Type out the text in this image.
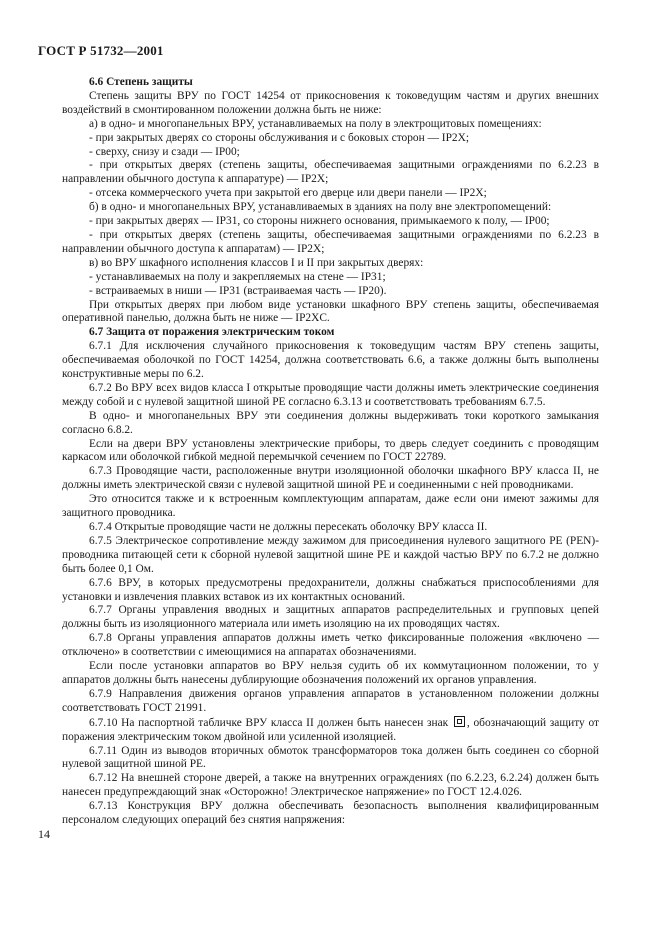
ГОСТ Р 51732—2001
6.6 Степень защиты
Степень защиты ВРУ по ГОСТ 14254 от прикосновения к токоведущим частям и других внешних воздействий в смонтированном положении должна быть не ниже:
а) в одно- и многопанельных ВРУ, устанавливаемых на полу в электрощитовых помещениях:
- при закрытых дверях со стороны обслуживания и с боковых сторон — IP2X;
- сверху, снизу и сзади — IP00;
- при открытых дверях (степень защиты, обеспечиваемая защитными ограждениями по 6.2.23 в направлении обычного доступа к аппаратуре) — IP2X;
- отсека коммерческого учета при закрытой его дверце или двери панели — IP2X;
б) в одно- и многопанельных ВРУ, устанавливаемых в зданиях на полу вне электропомещений:
- при закрытых дверях — IP31, со стороны нижнего основания, примыкаемого к полу, — IP00;
- при открытых дверях (степень защиты, обеспечиваемая защитными ограждениями по 6.2.23 в направлении обычного доступа к аппаратам) — IP2X;
в) во ВРУ шкафного исполнения классов I и II при закрытых дверях:
- устанавливаемых на полу и закрепляемых на стене — IP31;
- встраиваемых в ниши — IP31 (встраиваемая часть — IP20).
При открытых дверях при любом виде установки шкафного ВРУ степень защиты, обеспечиваемая оперативной панелью, должна быть не ниже — IP2XC.
6.7 Защита от поражения электрическим током
6.7.1 Для исключения случайного прикосновения к токоведущим частям ВРУ степень защиты, обеспечиваемая оболочкой по ГОСТ 14254, должна соответствовать 6.6, а также должны быть выполнены конструктивные меры по 6.2.
6.7.2 Во ВРУ всех видов класса I открытые проводящие части должны иметь электрические соединения между собой и с нулевой защитной шиной PE согласно 6.3.13 и соответствовать требованиям 6.7.5.
В одно- и многопанельных ВРУ эти соединения должны выдерживать токи короткого замыкания согласно 6.8.2.
Если на двери ВРУ установлены электрические приборы, то дверь следует соединить с проводящим каркасом или оболочкой гибкой медной перемычкой сечением по ГОСТ 22789.
6.7.3 Проводящие части, расположенные внутри изоляционной оболочки шкафного ВРУ класса II, не должны иметь электрической связи с нулевой защитной шиной PE и соединенными с ней проводниками.
Это относится также и к встроенным комплектующим аппаратам, даже если они имеют зажимы для защитного проводника.
6.7.4 Открытые проводящие части не должны пересекать оболочку ВРУ класса II.
6.7.5 Электрическое сопротивление между зажимом для присоединения нулевого защитного PE (PEN)-проводника питающей сети к сборной нулевой защитной шине PE и каждой частью ВРУ по 6.7.2 не должно быть более 0,1 Ом.
6.7.6 ВРУ, в которых предусмотрены предохранители, должны снабжаться приспособлениями для установки и извлечения плавких вставок из их контактных оснований.
6.7.7 Органы управления вводных и защитных аппаратов распределительных и групповых цепей должны быть из изоляционного материала или иметь изоляцию на их проводящих частях.
6.7.8 Органы управления аппаратов должны иметь четко фиксированные положения «включено — отключено» в соответствии с имеющимися на аппаратах обозначениями.
Если после установки аппаратов во ВРУ нельзя судить об их коммутационном положении, то у аппаратов должны быть нанесены дублирующие обозначения положений их органов управления.
6.7.9 Направления движения органов управления аппаратов в установленном положении должны соответствовать ГОСТ 21991.
6.7.10 На паспортной табличке ВРУ класса II должен быть нанесен знак , обозначающий защиту от поражения электрическим током двойной или усиленной изоляцией.
6.7.11 Один из выводов вторичных обмоток трансформаторов тока должен быть соединен со сборной нулевой защитной шиной PE.
6.7.12 На внешней стороне дверей, а также на внутренних ограждениях (по 6.2.23, 6.2.24) должен быть нанесен предупреждающий знак «Осторожно! Электрическое напряжение» по ГОСТ 12.4.026.
6.7.13 Конструкция ВРУ должна обеспечивать безопасность выполнения квалифицированным персоналом следующих операций без снятия напряжения:
14
